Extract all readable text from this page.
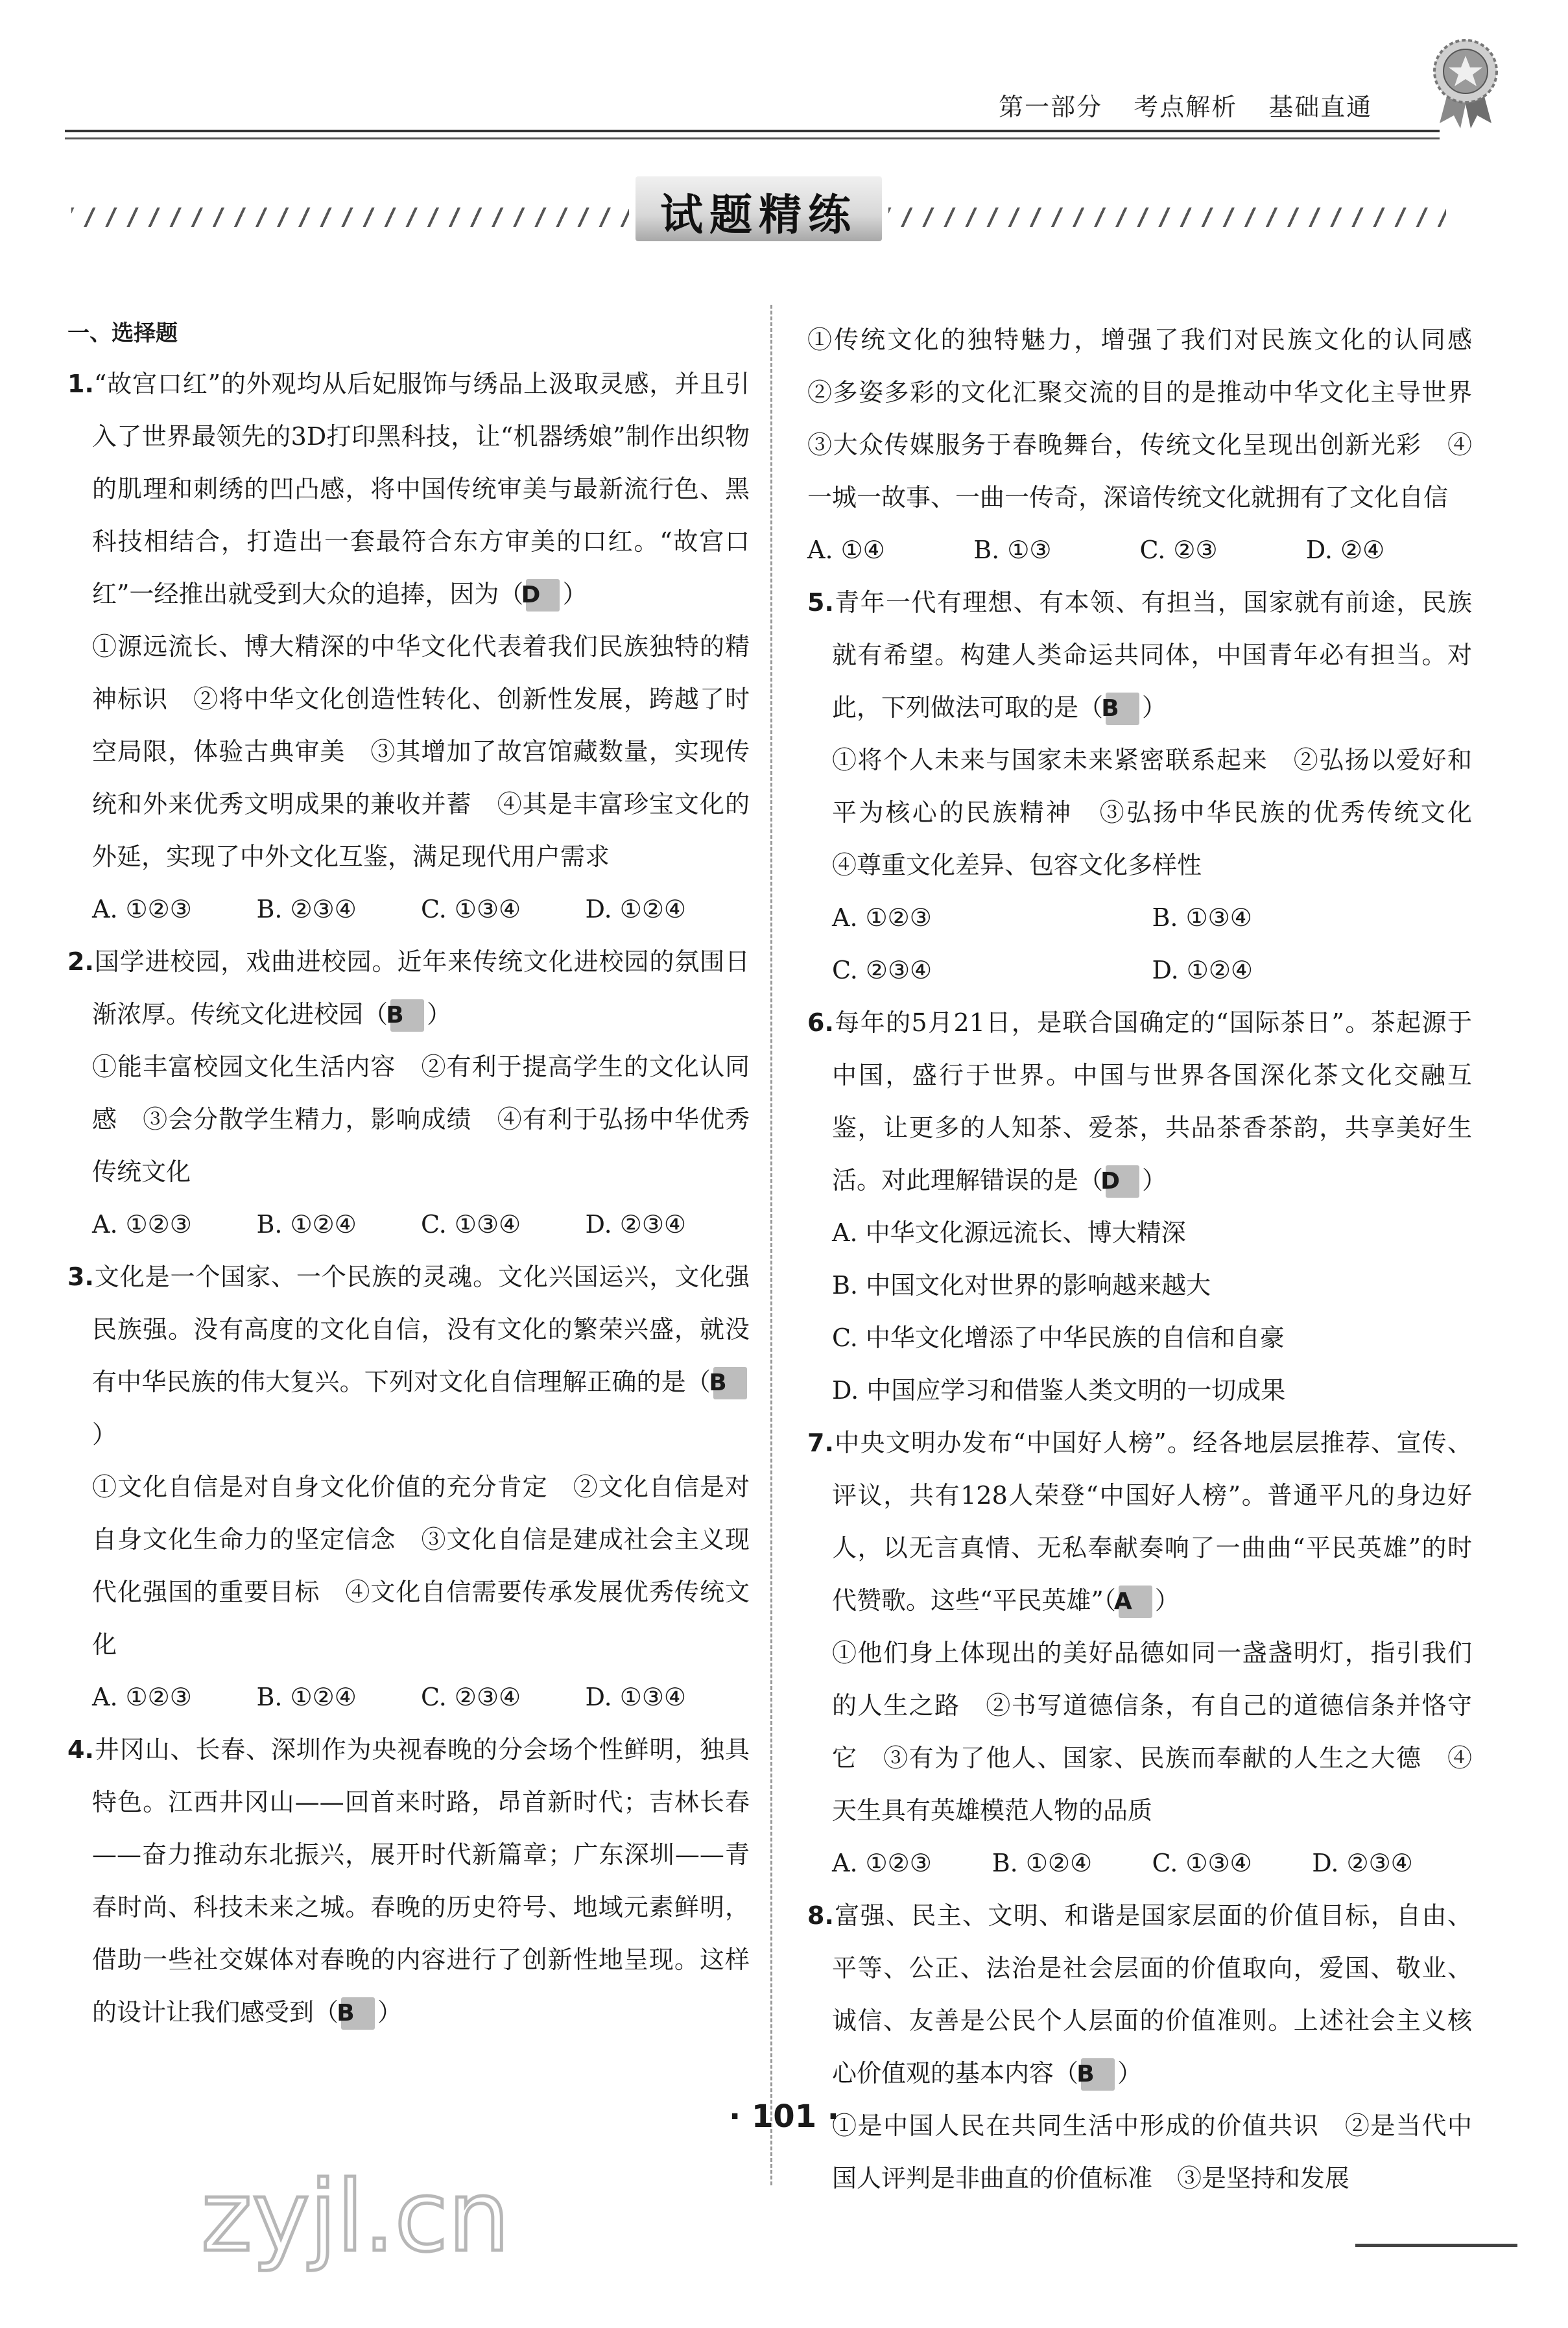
第一部分 考点解析 基础直通
试题精练

一、选择题

1.“故宫口红”的外观均从后妃服饰与绣品上汲取灵感，并且引入了世界最领先的3D打印黑科技，让“机器绣娘”制作出织物的肌理和刺绣的凹凸感，将中国传统审美与最新流行色、黑科技相结合，打造出一套最符合东方审美的口红。“故宫口红”一经推出就受到大众的追捧，因为（D ）

①源远流长、博大精深的中华文化代表着我们民族独特的精神标识　②将中华文化创造性转化、创新性发展，跨越了时空局限，体验古典审美　③其增加了故宫馆藏数量，实现传统和外来优秀文明成果的兼收并蓄　④其是丰富珍宝文化的外延，实现了中外文化互鉴，满足现代用户需求

A. ①②③	B. ②③④	C. ①③④	D. ①②④

2.国学进校园，戏曲进校园。近年来传统文化进校园的氛围日渐浓厚。传统文化进校园（B ）

①能丰富校园文化生活内容　②有利于提高学生的文化认同感　③会分散学生精力，影响成绩　④有利于弘扬中华优秀传统文化

A. ①②③	B. ①②④	C. ①③④	D. ②③④

3.文化是一个国家、一个民族的灵魂。文化兴国运兴，文化强民族强。没有高度的文化自信，没有文化的繁荣兴盛，就没有中华民族的伟大复兴。下列对文化自信理解正确的是（B）

①文化自信是对自身文化价值的充分肯定　②文化自信是对自身文化生命力的坚定信念　③文化自信是建成社会主义现代化强国的重要目标　④文化自信需要传承发展优秀传统文化

A. ①②③	B. ①②④	C. ②③④	D. ①③④

4.井冈山、长春、深圳作为央视春晚的分会场个性鲜明，独具特色。江西井冈山——回首来时路，昂首新时代；吉林长春——奋力推动东北振兴，展开时代新篇章；广东深圳——青春时尚、科技未来之城。春晚的历史符号、地域元素鲜明，借助一些社交媒体对春晚的内容进行了创新性地呈现。这样的设计让我们感受到（B ）

①传统文化的独特魅力，增强了我们对民族文化的认同感　②多姿多彩的文化汇聚交流的目的是推动中华文化主导世界　③大众传媒服务于春晚舞台，传统文化呈现出创新光彩　④一城一故事、一曲一传奇，深谙传统文化就拥有了文化自信

A. ①④	B. ①③	C. ②③	D. ②④

5.青年一代有理想、有本领、有担当，国家就有前途，民族就有希望。构建人类命运共同体，中国青年必有担当。对此，下列做法可取的是（B ）

①将个人未来与国家未来紧密联系起来　②弘扬以爱好和平为核心的民族精神　③弘扬中华民族的优秀传统文化　④尊重文化差异、包容文化多样性

A. ①②③	B. ①③④

C. ②③④	D. ①②④

6.每年的5月21日，是联合国确定的“国际茶日”。茶起源于中国，盛行于世界。中国与世界各国深化茶文化交融互鉴，让更多的人知茶、爱茶，共品茶香茶韵，共享美好生活。对此理解错误的是（D ）

A. 中华文化源远流长、博大精深

B. 中国文化对世界的影响越来越大

C. 中华文化增添了中华民族的自信和自豪

D. 中国应学习和借鉴人类文明的一切成果

7.中央文明办发布“中国好人榜”。经各地层层推荐、宣传、评议，共有128人荣登“中国好人榜”。普通平凡的身边好人，以无言真情、无私奉献奏响了一曲曲“平民英雄”的时代赞歌。这些“平民英雄”（A ）

①他们身上体现出的美好品德如同一盏盏明灯，指引我们的人生之路　②书写道德信条，有自己的道德信条并恪守它　③有为了他人、国家、民族而奉献的人生之大德　④天生具有英雄模范人物的品质

A. ①②③	B. ①②④	C. ①③④	D. ②③④

8.富强、民主、文明、和谐是国家层面的价值目标，自由、平等、公正、法治是社会层面的价值取向，爱国、敬业、诚信、友善是公民个人层面的价值准则。上述社会主义核心价值观的基本内容（B ）

①是中国人民在共同生活中形成的价值共识　②是当代中国人评判是非曲直的价值标准　③是坚持和发展

· 101 ·
zyjl.cn
